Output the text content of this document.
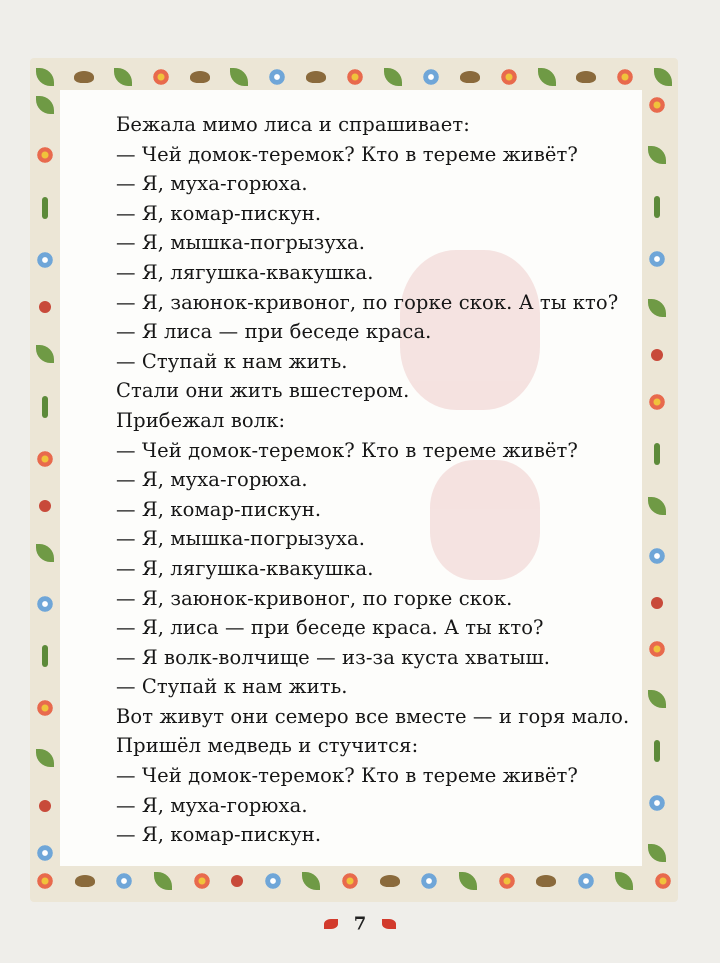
Бежала мимо лиса и спрашивает:
— Чей домок-теремок? Кто в тереме живёт?
— Я, муха-горюха.
— Я, комар-пискун.
— Я, мышка-погрызуха.
— Я, лягушка-квакушка.
— Я, заюнок-кривоног, по горке скок. А ты кто?
— Я лиса — при беседе краса.
— Ступай к нам жить.
Стали они жить вшестером.
Прибежал волк:
— Чей домок-теремок? Кто в тереме живёт?
— Я, муха-горюха.
— Я, комар-пискун.
— Я, мышка-погрызуха.
— Я, лягушка-квакушка.
— Я, заюнок-кривоног, по горке скок.
— Я, лиса — при беседе краса. А ты кто?
— Я волк-волчище — из-за куста хватыш.
— Ступай к нам жить.
Вот живут они семеро все вместе — и горя мало.
Пришёл медведь и стучится:
— Чей домок-теремок? Кто в тереме живёт?
— Я, муха-горюха.
— Я, комар-пискун.
7
